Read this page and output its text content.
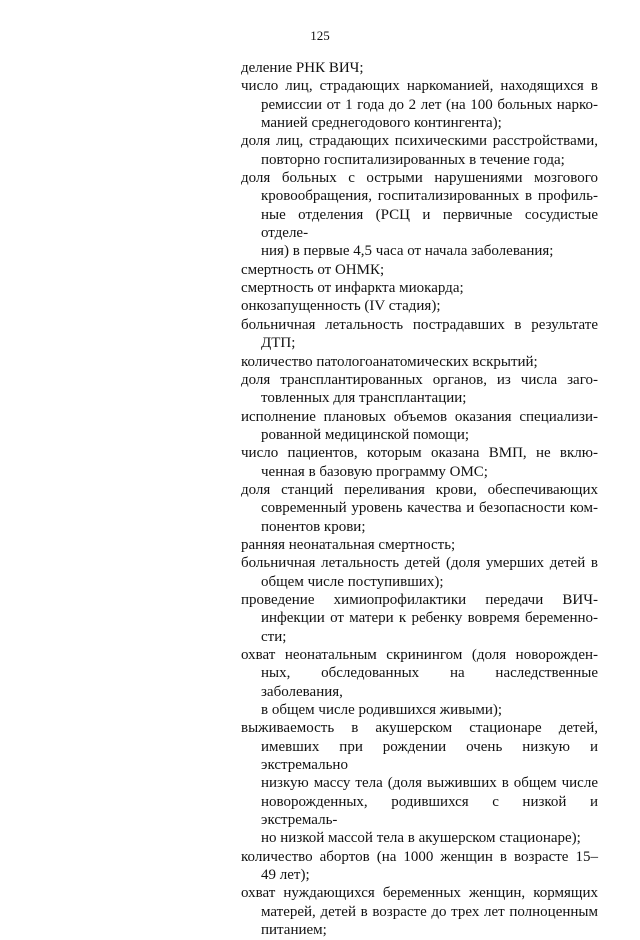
125
деление РНК ВИЧ;
число лиц, страдающих наркоманией, находящихся в
ремиссии от 1 года до 2 лет (на 100 больных нарко-
манией среднегодового контингента);
доля лиц, страдающих психическими расстройствами,
повторно госпитализированных в течение года;
доля больных с острыми нарушениями мозгового
кровообращения, госпитализированных в профиль-
ные отделения (РСЦ и первичные сосудистые отделе-
ния) в первые 4,5 часа от начала заболевания;
смертность от ОНМК;
смертность от инфаркта миокарда;
онкозапущенность (IV стадия);
больничная летальность пострадавших в результате
ДТП;
количество патологоанатомических вскрытий;
доля трансплантированных органов, из числа заго-
товленных для трансплантации;
исполнение плановых объемов оказания специализи-
рованной медицинской помощи;
число пациентов, которым оказана ВМП, не вклю-
ченная в базовую программу ОМС;
доля станций переливания крови, обеспечивающих
современный уровень качества и безопасности ком-
понентов крови;
ранняя неонатальная смертность;
больничная летальность детей (доля умерших детей в
общем числе поступивших);
проведение химиопрофилактики передачи ВИЧ-
инфекции от матери к ребенку вовремя беременно-
сти;
охват неонатальным скринингом (доля новорожден-
ных, обследованных на наследственные заболевания,
в общем числе родившихся живыми);
выживаемость в акушерском стационаре детей,
имевших при рождении очень низкую и экстремально
низкую массу тела (доля выживших в общем числе
новорожденных, родившихся с низкой и экстремаль-
но низкой массой тела в акушерском стационаре);
количество абортов (на 1000 женщин в возрасте 15–
49 лет);
охват нуждающихся беременных женщин, кормящих
матерей, детей в возрасте до трех лет полноценным
питанием;
